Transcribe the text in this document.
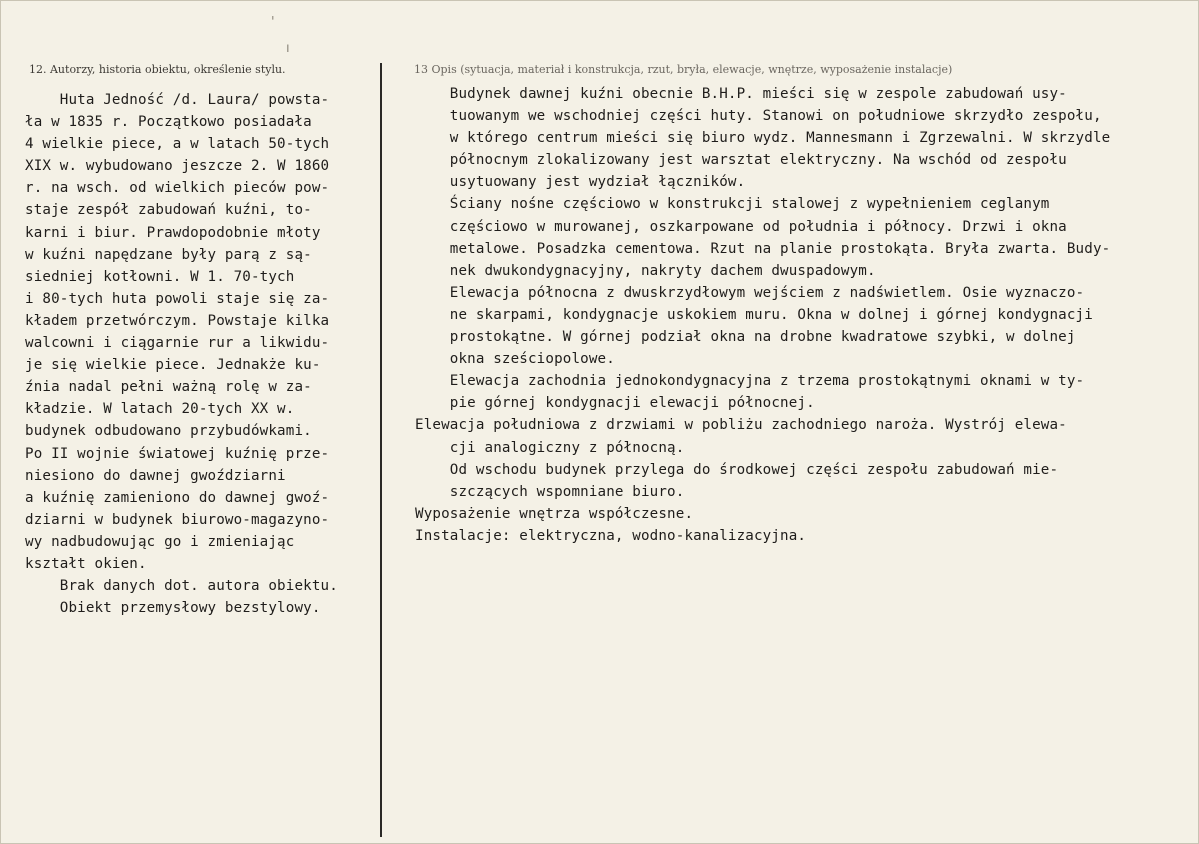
12. Autorzy, historia obiektu, określenie stylu.	13 Opis (sytuacja, materiał i konstrukcja, rzut, bryła, elewacje, wnętrze, wyposażenie instalacje)
'
ı
Huta Jedność /d. Laura/ powsta-
ła w 1835 r. Początkowo posiadała
4 wielkie piece, a w latach 50-tych
XIX w. wybudowano jeszcze 2. W 1860
r. na wsch. od wielkich pieców pow-
staje zespół zabudowań kuźni, to-
karni i biur. Prawdopodobnie młoty
w kuźni napędzane były parą z są-
siedniej kotłowni. W 1. 70-tych
i 80-tych huta powoli staje się za-
kładem przetwórczym. Powstaje kilka
walcowni i ciągarnie rur a likwidu-
je się wielkie piece. Jednakże ku-
źnia nadal pełni ważną rolę w za-
kładzie. W latach 20-tych XX w.
budynek odbudowano przybudówkami.
Po II wojnie światowej kuźnię prze-
niesiono do dawnej gwoździarni
a kuźnię zamieniono do dawnej gwoź-
dziarni w budynek biurowo-magazyno-
wy nadbudowując go i zmieniając
kształt okien.
Brak danych dot. autora obiektu.
Obiekt przemysłowy bezstylowy.
Budynek dawnej kuźni obecnie B.H.P. mieści się w zespole zabudowań usy-
tuowanym we wschodniej części huty. Stanowi on południowe skrzydło zespołu,
w którego centrum mieści się biuro wydz. Mannesmann i Zgrzewalni. W skrzydle
północnym zlokalizowany jest warsztat elektryczny. Na wschód od zespołu
usytuowany jest wydział łączników.
Ściany nośne częściowo w konstrukcji stalowej z wypełnieniem ceglanym
częściowo w murowanej, oszkarpowane od południa i północy. Drzwi i okna
metalowe. Posadzka cementowa. Rzut na planie prostokąta. Bryła zwarta. Budy-
nek dwukondygnacyjny, nakryty dachem dwuspadowym.
Elewacja północna z dwuskrzydłowym wejściem z nadświetlem. Osie wyznaczo-
ne skarpami, kondygnacje uskokiem muru. Okna w dolnej i górnej kondygnacji
prostokątne. W górnej podział okna na drobne kwadratowe szybki, w dolnej
okna sześciopolowe.
Elewacja zachodnia jednokondygnacyjna z trzema prostokątnymi oknami w ty-
pie górnej kondygnacji elewacji północnej.
Elewacja południowa z drzwiami w pobliżu zachodniego naroża. Wystrój elewa-
cji analogiczny z północną.
Od wschodu budynek przylega do środkowej części zespołu zabudowań mie-
szczących wspomniane biuro.
Wyposażenie wnętrza współczesne.
Instalacje: elektryczna, wodno-kanalizacyjna.
